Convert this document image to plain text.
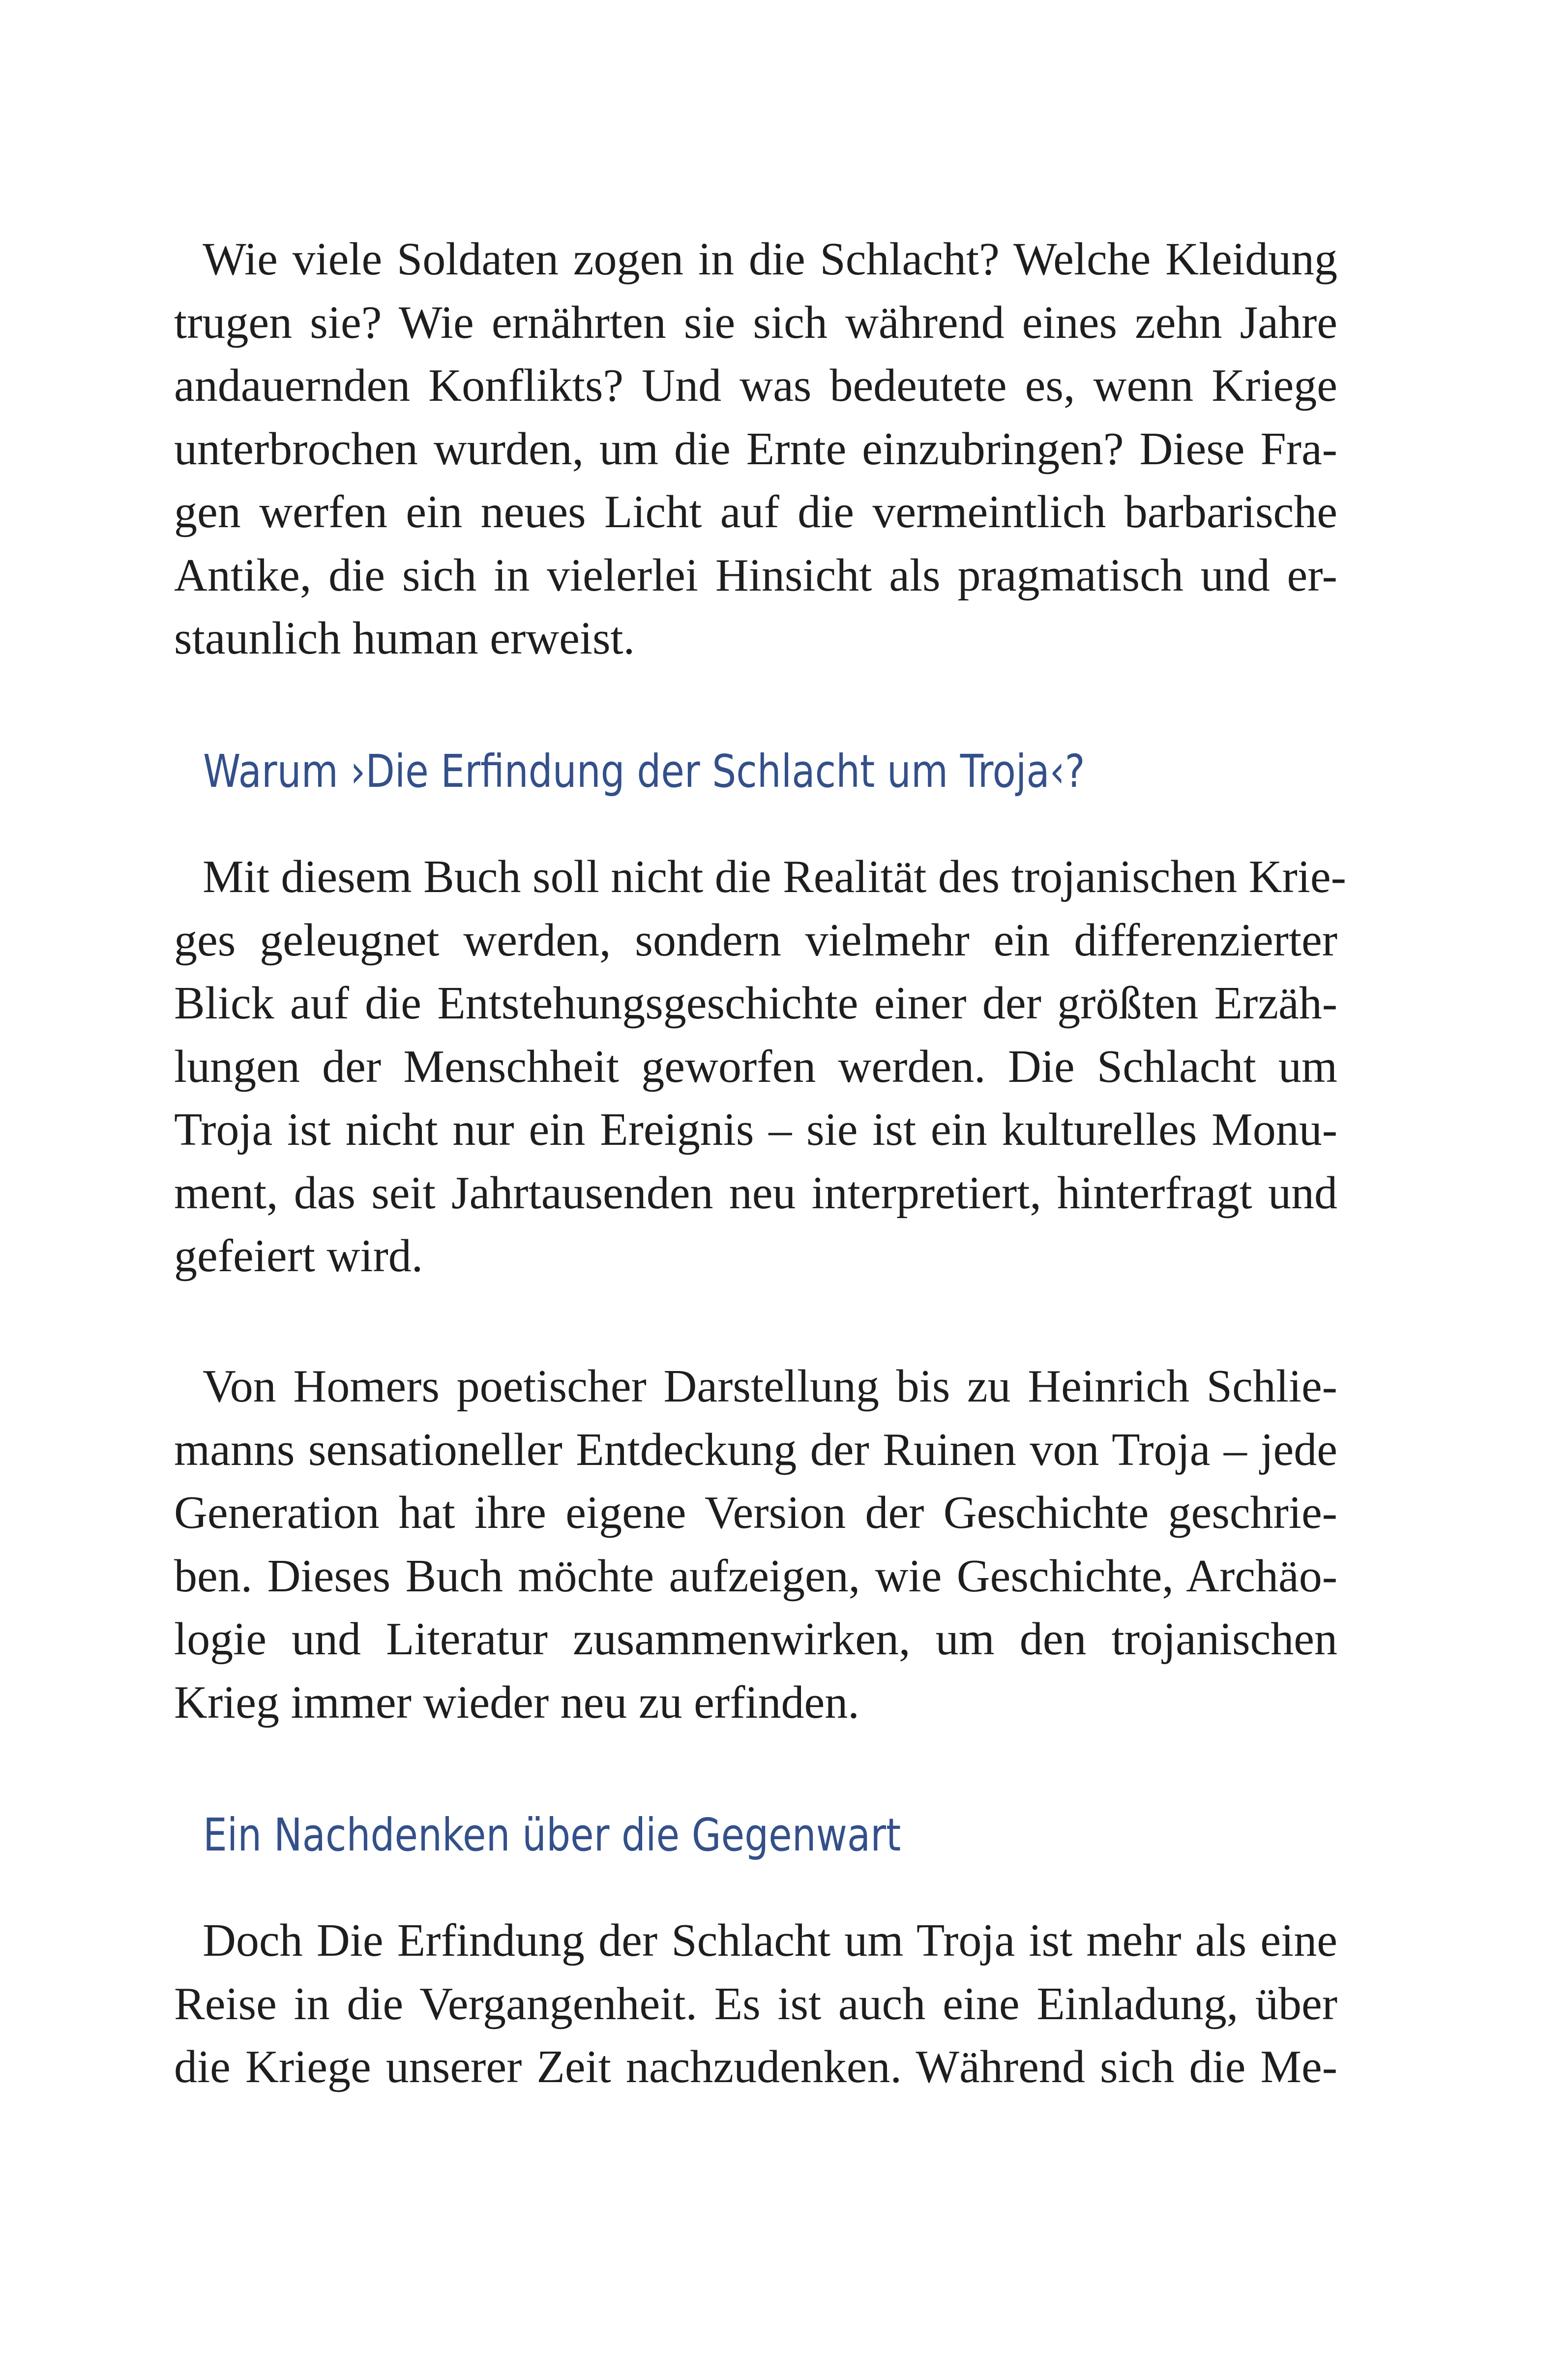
Wie viele Soldaten zogen in die Schlacht? Welche Kleidung
trugen sie? Wie ernährten sie sich während eines zehn Jahre
andauernden Konflikts? Und was bedeutete es, wenn Kriege
unterbrochen wurden, um die Ernte einzubringen? Diese Fra-
gen werfen ein neues Licht auf die vermeintlich barbarische
Antike, die sich in vielerlei Hinsicht als pragmatisch und er-
staunlich human erweist.

Warum ›Die Erfindung der Schlacht um Troja‹?

Mit diesem Buch soll nicht die Realität des trojanischen Krie-
ges geleugnet werden, sondern vielmehr ein differenzierter
Blick auf die Entstehungsgeschichte einer der größten Erzäh-
lungen der Menschheit geworfen werden. Die Schlacht um
Troja ist nicht nur ein Ereignis – sie ist ein kulturelles Monu-
ment, das seit Jahrtausenden neu interpretiert, hinterfragt und
gefeiert wird.

Von Homers poetischer Darstellung bis zu Heinrich Schlie-
manns sensationeller Entdeckung der Ruinen von Troja – jede
Generation hat ihre eigene Version der Geschichte geschrie-
ben. Dieses Buch möchte aufzeigen, wie Geschichte, Archäo-
logie und Literatur zusammenwirken, um den trojanischen
Krieg immer wieder neu zu erfinden.

Ein Nachdenken über die Gegenwart

Doch Die Erfindung der Schlacht um Troja ist mehr als eine
Reise in die Vergangenheit. Es ist auch eine Einladung, über
die Kriege unserer Zeit nachzudenken. Während sich die Me-
